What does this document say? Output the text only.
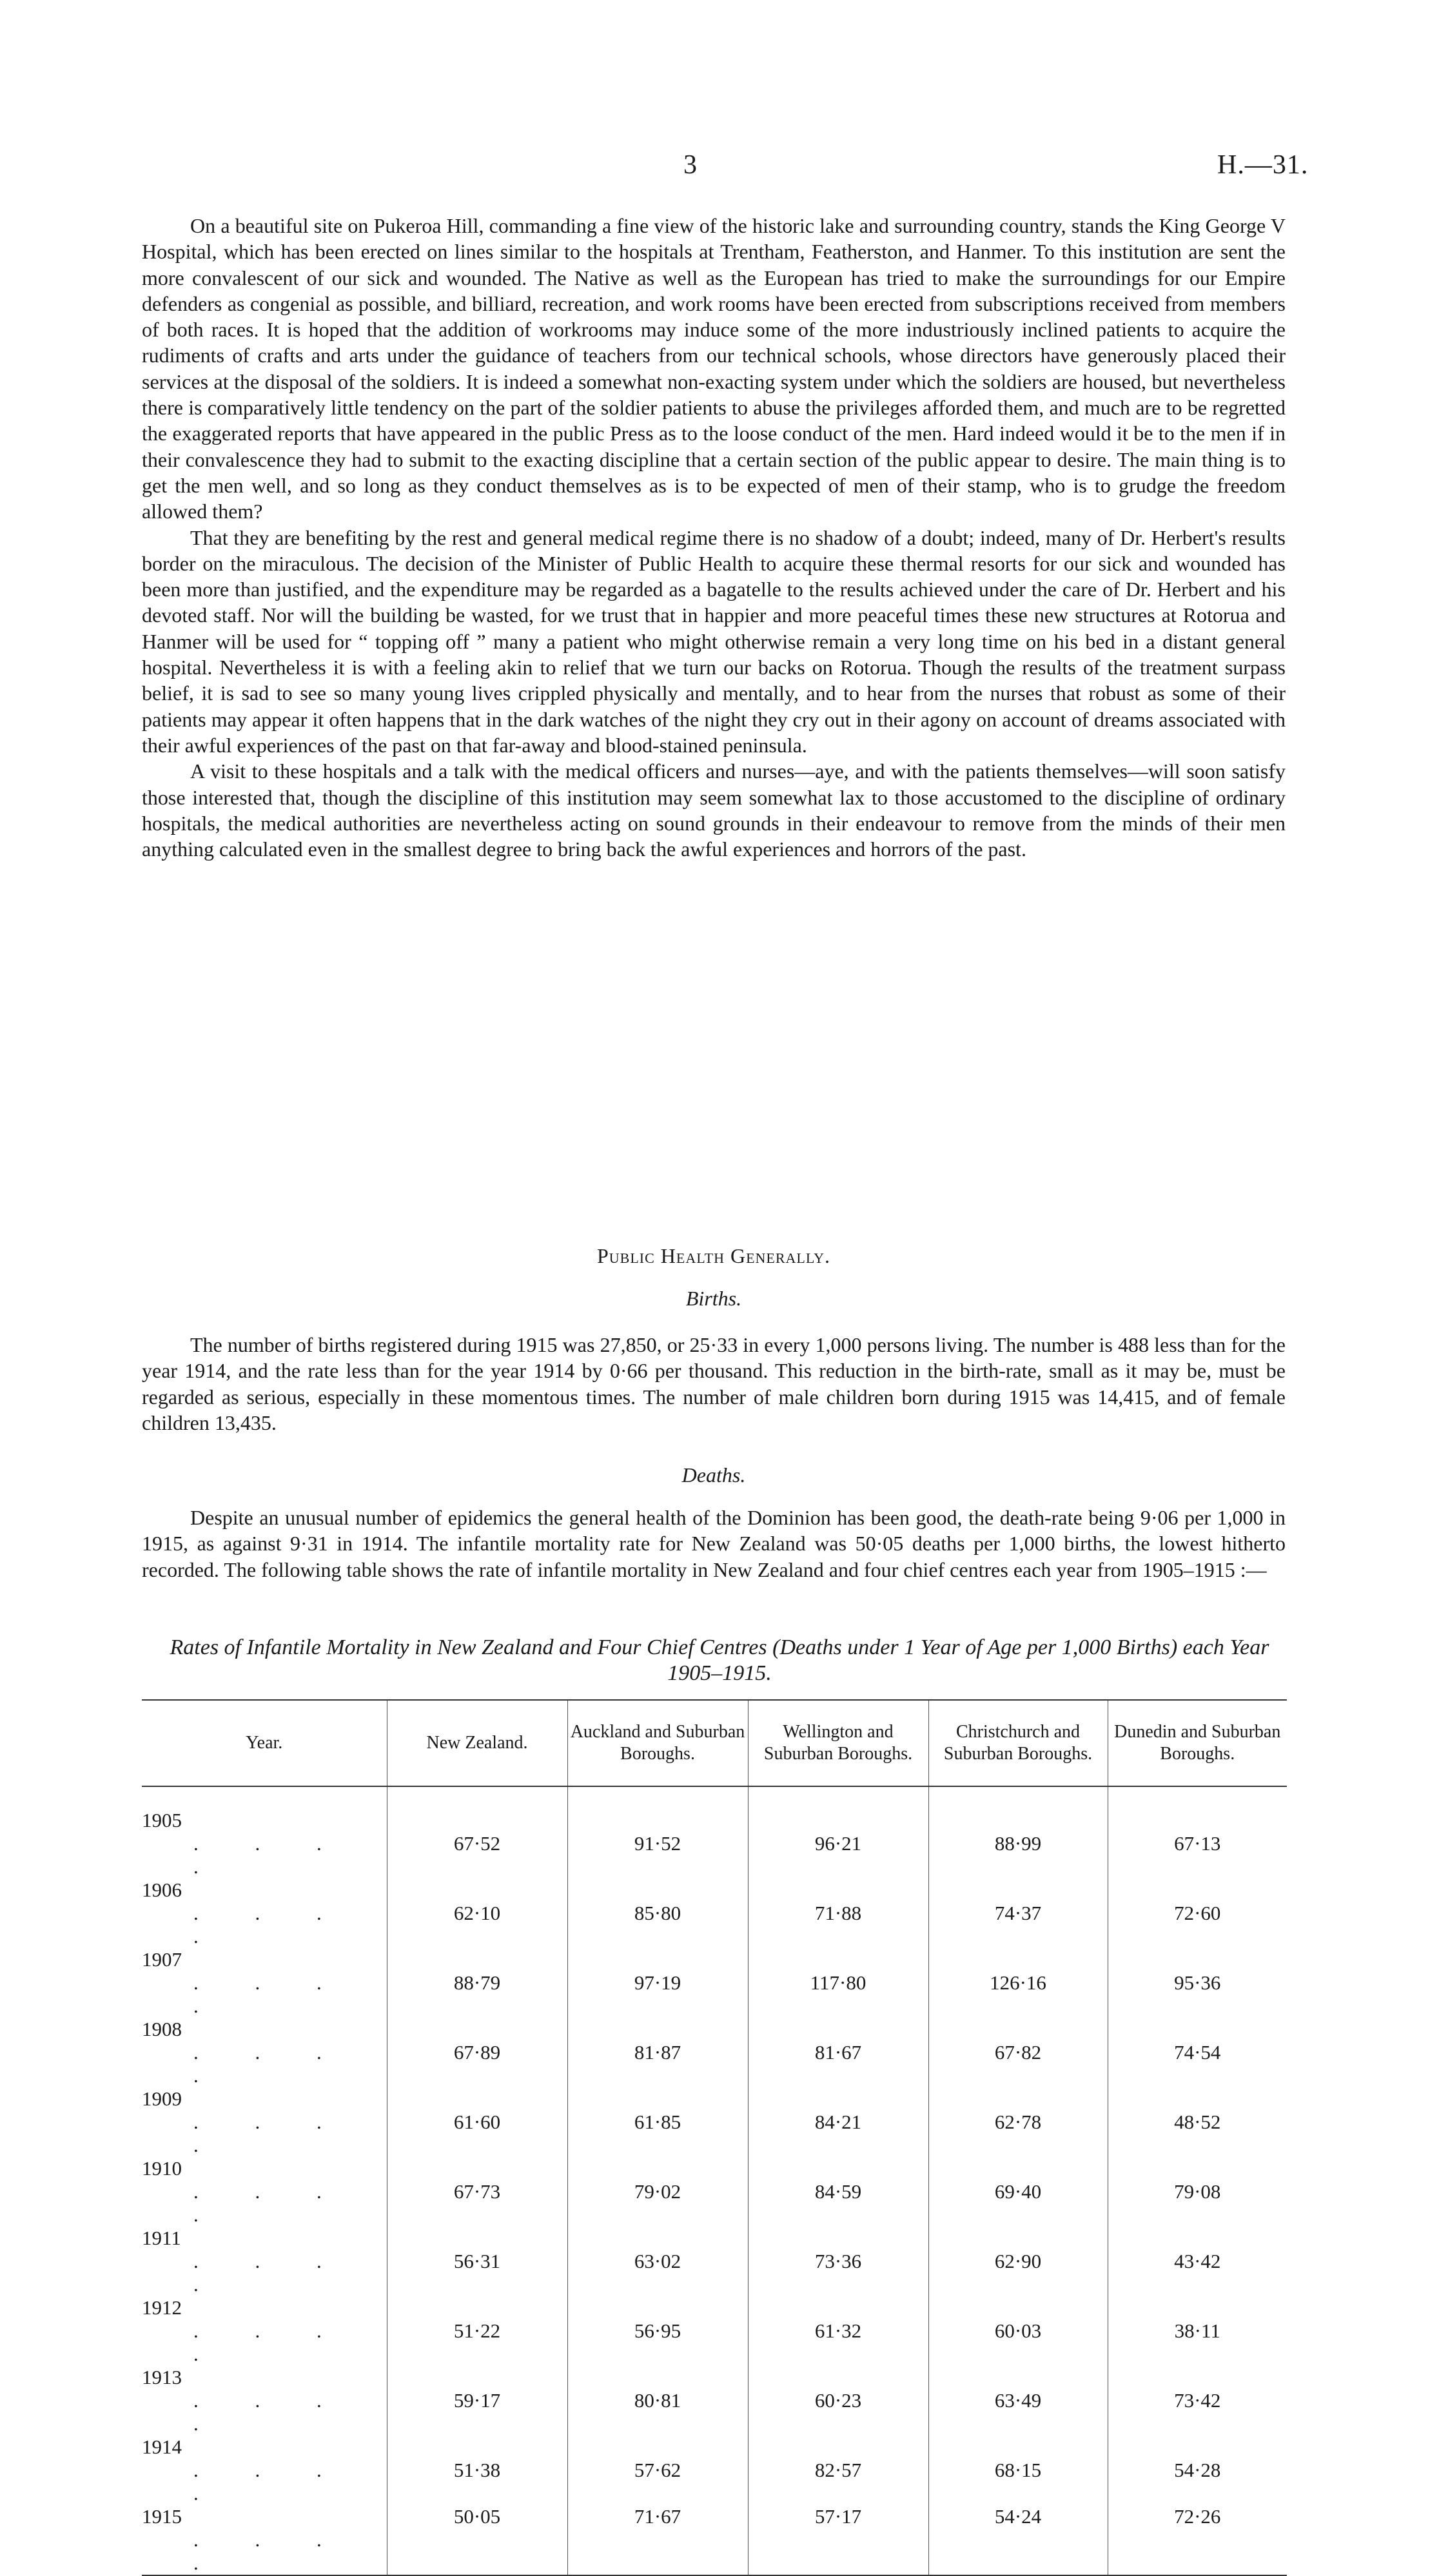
3	H.—31.

On a beautiful site on Pukeroa Hill, commanding a fine view of the historic lake and surrounding country, stands the King George V Hospital, which has been erected on lines similar to the hospitals at Trentham, Featherston, and Hanmer. To this institution are sent the more convalescent of our sick and wounded. The Native as well as the European has tried to make the surroundings for our Empire defenders as congenial as possible, and billiard, recreation, and work rooms have been erected from subscriptions received from members of both races. It is hoped that the addition of workrooms may induce some of the more industriously inclined patients to acquire the rudiments of crafts and arts under the guidance of teachers from our technical schools, whose directors have generously placed their services at the disposal of the soldiers. It is indeed a somewhat non-exacting system under which the soldiers are housed, but nevertheless there is comparatively little tendency on the part of the soldier patients to abuse the privileges afforded them, and much are to be regretted the exaggerated reports that have appeared in the public Press as to the loose conduct of the men. Hard indeed would it be to the men if in their convalescence they had to submit to the exacting discipline that a certain section of the public appear to desire. The main thing is to get the men well, and so long as they conduct themselves as is to be expected of men of their stamp, who is to grudge the freedom allowed them?

That they are benefiting by the rest and general medical regime there is no shadow of a doubt; indeed, many of Dr. Herbert's results border on the miraculous. The decision of the Minister of Public Health to acquire these thermal resorts for our sick and wounded has been more than justified, and the expenditure may be regarded as a bagatelle to the results achieved under the care of Dr. Herbert and his devoted staff. Nor will the building be wasted, for we trust that in happier and more peaceful times these new structures at Rotorua and Hanmer will be used for “ topping off ” many a patient who might otherwise remain a very long time on his bed in a distant general hospital. Nevertheless it is with a feeling akin to relief that we turn our backs on Rotorua. Though the results of the treatment surpass belief, it is sad to see so many young lives crippled physically and mentally, and to hear from the nurses that robust as some of their patients may appear it often happens that in the dark watches of the night they cry out in their agony on account of dreams associated with their awful experiences of the past on that far-away and blood-stained peninsula.

A visit to these hospitals and a talk with the medical officers and nurses—aye, and with the patients themselves—will soon satisfy those interested that, though the discipline of this institution may seem somewhat lax to those accustomed to the discipline of ordinary hospitals, the medical authorities are nevertheless acting on sound grounds in their endeavour to remove from the minds of their men anything calculated even in the smallest degree to bring back the awful experiences and horrors of the past.

Public Health Generally.
Births.

The number of births registered during 1915 was 27,850, or 25·33 in every 1,000 persons living. The number is 488 less than for the year 1914, and the rate less than for the year 1914 by 0·66 per thousand. This reduction in the birth-rate, small as it may be, must be regarded as serious, especially in these momentous times. The number of male children born during 1915 was 14,415, and of female children 13,435.

Deaths.

Despite an unusual number of epidemics the general health of the Dominion has been good, the death-rate being 9·06 per 1,000 in 1915, as against 9·31 in 1914. The infantile mortality rate for New Zealand was 50·05 deaths per 1,000 births, the lowest hitherto recorded. The following table shows the rate of infantile mortality in New Zealand and four chief centres each year from 1905–1915 :—

Rates of Infantile Mortality in New Zealand and Four Chief Centres (Deaths under 1 Year of Age per 1,000 Births) each Year 1905–1915.
Year.	New Zealand.	Auckland and Suburban Boroughs.	Wellington and Suburban Boroughs.	Christchurch and Suburban Boroughs.	Dunedin and Suburban Boroughs.

1905. . . .	67·52	91·52	96·21	88·99	67·13
1906. . . .	62·10	85·80	71·88	74·37	72·60
1907. . . .	88·79	97·19	117·80	126·16	95·36
1908. . . .	67·89	81·87	81·67	67·82	74·54
1909. . . .	61·60	61·85	84·21	62·78	48·52
1910. . . .	67·73	79·02	84·59	69·40	79·08
1911. . . .	56·31	63·02	73·36	62·90	43·42
1912. . . .	51·22	56·95	61·32	60·03	38·11
1913. . . .	59·17	80·81	60·23	63·49	73·42
1914. . . .	51·38	57·62	82·57	68·15	54·28
1915. . . .	50·05	71·67	57·17	54·24	72·26
